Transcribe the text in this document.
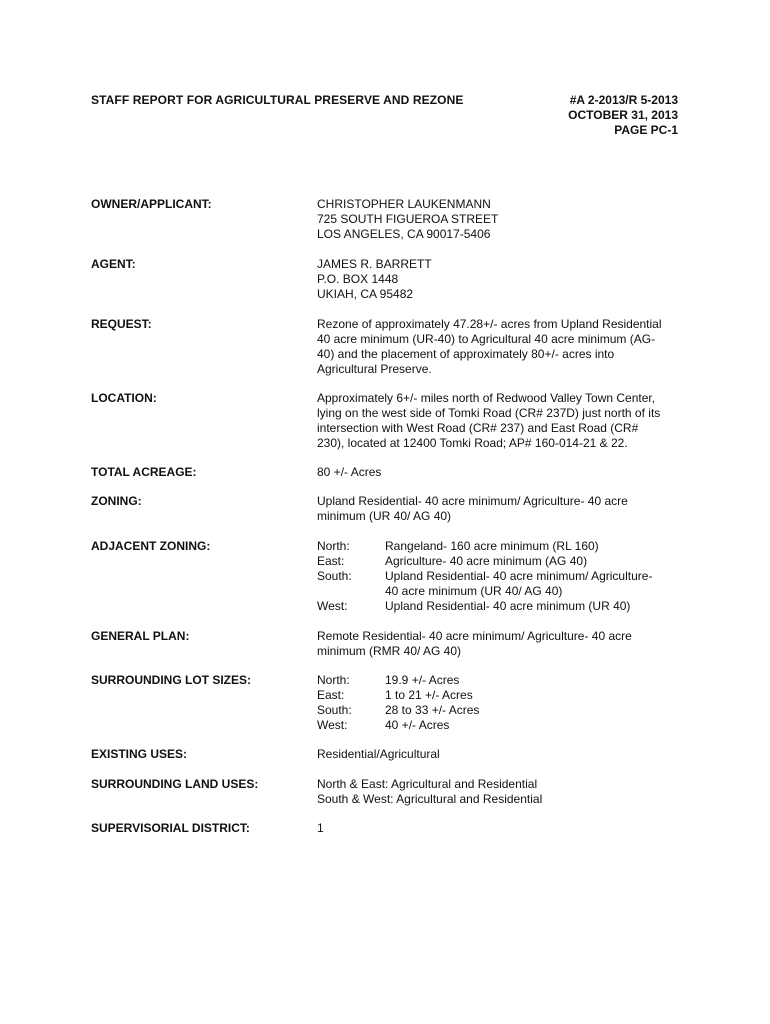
STAFF REPORT FOR AGRICULTURAL PRESERVE AND REZONE	#A 2-2013/R 5-2013
OCTOBER 31, 2013
PAGE PC-1
OWNER/APPLICANT:	CHRISTOPHER LAUKENMANN
725 SOUTH FIGUEROA STREET
LOS ANGELES, CA 90017-5406
AGENT:	JAMES R. BARRETT
P.O. BOX 1448
UKIAH, CA 95482
REQUEST:	Rezone of approximately 47.28+/- acres from Upland Residential
40 acre minimum (UR-40) to Agricultural 40 acre minimum (AG-
40) and the placement of approximately 80+/- acres into
Agricultural Preserve.
LOCATION:	Approximately 6+/- miles north of Redwood Valley Town Center,
lying on the west side of Tomki Road (CR# 237D) just north of its
intersection with West Road (CR# 237) and East Road (CR#
230), located at 12400 Tomki Road; AP# 160-014-21 & 22.
TOTAL ACREAGE:	80 +/- Acres
ZONING:	Upland Residential- 40 acre minimum/ Agriculture- 40 acre
minimum (UR 40/ AG 40)
ADJACENT ZONING:	North:	Rangeland- 160 acre minimum (RL 160)
East:	Agriculture- 40 acre minimum (AG 40)
South:	Upland Residential- 40 acre minimum/ Agriculture-
40 acre minimum (UR 40/ AG 40)
West:	Upland Residential- 40 acre minimum (UR 40)
GENERAL PLAN:	Remote Residential- 40 acre minimum/ Agriculture- 40 acre
minimum (RMR 40/ AG 40)
SURROUNDING LOT SIZES:	North:	19.9 +/- Acres
East:	1 to 21 +/- Acres
South:	28 to 33 +/- Acres
West:	40 +/- Acres
EXISTING USES:	Residential/Agricultural
SURROUNDING LAND USES:	North & East: Agricultural and Residential
South & West: Agricultural and Residential
SUPERVISORIAL DISTRICT:	1
